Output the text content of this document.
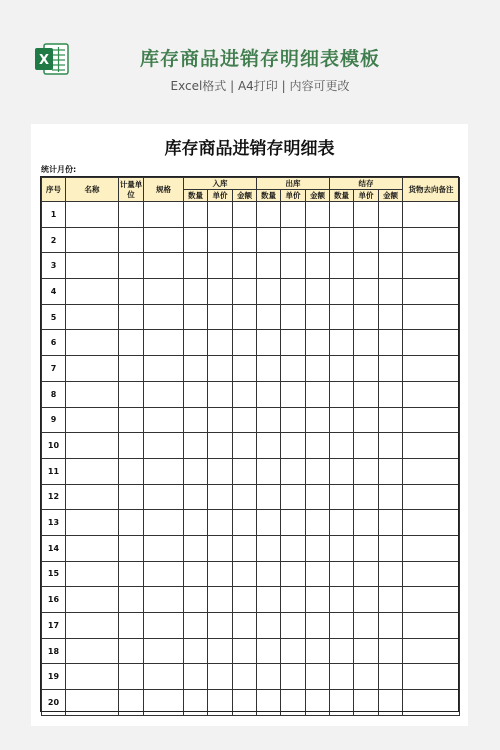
X	库存商品进销存明细表模板
Excel格式 | A4打印 | 内容可更改
库存商品进销存明细表
统计月份:
序号	名称	计量单位	规格	入库			出库			结存			货物去向备注
				数量	单价	金额	数量	单价	金额	数量	单价	金额	
1													
2													
3													
4													
5													
6													
7													
8													
9													
10													
11													
12													
13													
14													
15													
16													
17													
18													
19													
20													
